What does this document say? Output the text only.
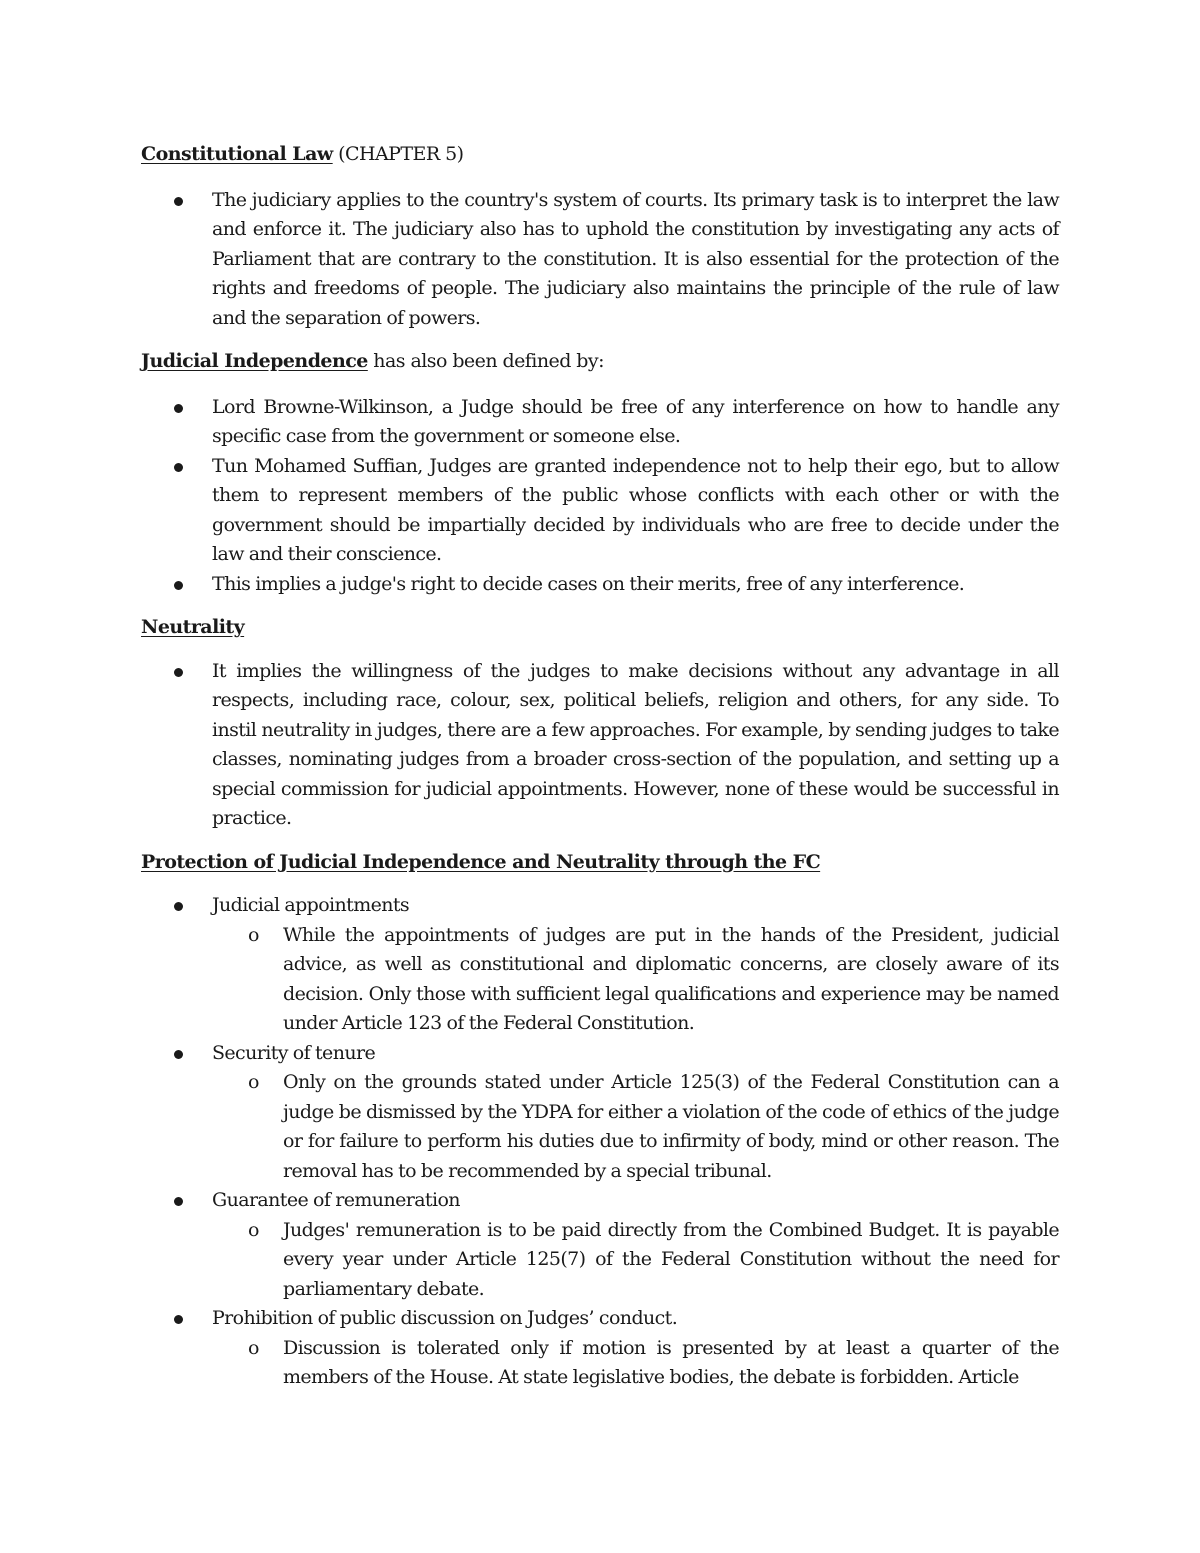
Constitutional Law (CHAPTER 5)

The judiciary applies to the country's system of courts. Its primary task is to interpret the law and enforce it. The judiciary also has to uphold the constitution by investigating any acts of Parliament that are contrary to the constitution. It is also essential for the protection of the rights and freedoms of people. The judiciary also maintains the principle of the rule of law and the separation of powers.

Judicial Independence has also been defined by:

Lord Browne-Wilkinson, a Judge should be free of any interference on how to handle any specific case from the government or someone else.
Tun Mohamed Suffian, Judges are granted independence not to help their ego, but to allow them to represent members of the public whose conflicts with each other or with the government should be impartially decided by individuals who are free to decide under the law and their conscience.
This implies a judge's right to decide cases on their merits, free of any interference.

Neutrality

It implies the willingness of the judges to make decisions without any advantage in all respects, including race, colour, sex, political beliefs, religion and others, for any side. To instil neutrality in judges, there are a few approaches. For example, by sending judges to take classes, nominating judges from a broader cross-section of the population, and setting up a special commission for judicial appointments. However, none of these would be successful in practice.

Protection of Judicial Independence and Neutrality through the FC

Judicial appointments
o While the appointments of judges are put in the hands of the President, judicial advice, as well as constitutional and diplomatic concerns, are closely aware of its decision. Only those with sufficient legal qualifications and experience may be named under Article 123 of the Federal Constitution.
Security of tenure
o Only on the grounds stated under Article 125(3) of the Federal Constitution can a judge be dismissed by the YDPA for either a violation of the code of ethics of the judge or for failure to perform his duties due to infirmity of body, mind or other reason. The removal has to be recommended by a special tribunal.
Guarantee of remuneration
o Judges' remuneration is to be paid directly from the Combined Budget. It is payable every year under Article 125(7) of the Federal Constitution without the need for parliamentary debate.
Prohibition of public discussion on Judges’ conduct.
o Discussion is tolerated only if motion is presented by at least a quarter of the members of the House. At state legislative bodies, the debate is forbidden. Article
